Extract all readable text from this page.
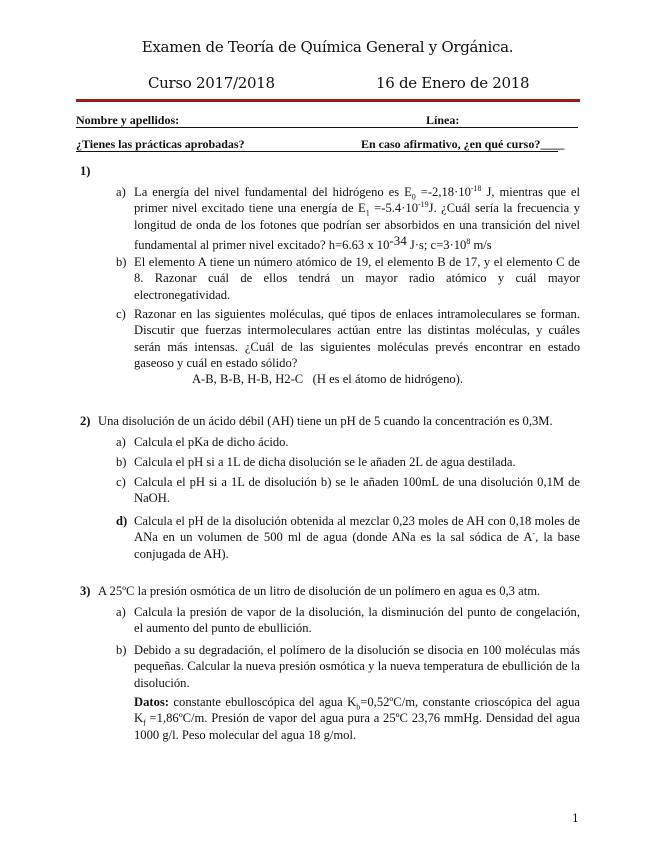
Examen de Teoría de Química General y Orgánica.
Curso 2017/2018	16 de Enero de 2018
Nombre y apellidos:	Línea:
¿Tienes las prácticas aprobadas?	En caso afirmativo, ¿en qué curso?____
1)
a) La energía del nivel fundamental del hidrógeno es $E_0 =-2,18\cdot 10^{-18}$ J, mientras que el primer nivel excitado tiene una energía de $E_1 =-5.4\cdot 10^{-19}J$. ¿Cuál sería la frecuencia y longitud de onda de los fotones que podrían ser absorbidos en una transición del nivel fundamental al primer nivel excitado? h=6.63 x 10-34 J·s; $c=3\cdot 10^8$ m/s
b) El elemento A tiene un número atómico de 19, el elemento B de 17, y el elemento C de 8. Razonar cuál de ellos tendrá un mayor radio atómico y cuál mayor electronegatividad.
c) Razonar en las siguientes moléculas, qué tipos de enlaces intramoleculares se forman. Discutir que fuerzas intermoleculares actúan entre las distintas moléculas, y cuáles serán más intensas. ¿Cuál de las siguientes moléculas prevés encontrar en estado gaseoso y cuál en estado sólido?
A-B, B-B, H-B, H2-C   (H es el átomo de hidrógeno).
2) Una disolución de un ácido débil (AH) tiene un pH de 5 cuando la concentración es 0,3M.
a) Calcula el pKa de dicho ácido.
b) Calcula el pH si a 1L de dicha disolución se le añaden 2L de agua destilada.
c) Calcula el pH si a 1L de disolución b) se le añaden 100mL de una disolución 0,1M de NaOH.
d) Calcula el pH de la disolución obtenida al mezclar 0,23 moles de AH con 0,18 moles de ANa en un volumen de 500 ml de agua (donde ANa es la sal sódica de A-, la base conjugada de AH).
3) A 25ºC la presión osmótica de un litro de disolución de un polímero en agua es 0,3 atm.
a) Calcula la presión de vapor de la disolución, la disminución del punto de congelación, el aumento del punto de ebullición.
b) Debido a su degradación, el polímero de la disolución se disocia en 100 moléculas más pequeñas. Calcular la nueva presión osmótica y la nueva temperatura de ebullición de la disolución.
Datos: constante ebulloscópica del agua $K_b=0,52ºC/m$, constante crioscópica del agua $K_f$ =1,86ºC/m. Presión de vapor del agua pura a 25ºC 23,76 mmHg. Densidad del agua 1000 g/l. Peso molecular del agua 18 g/mol.
1
